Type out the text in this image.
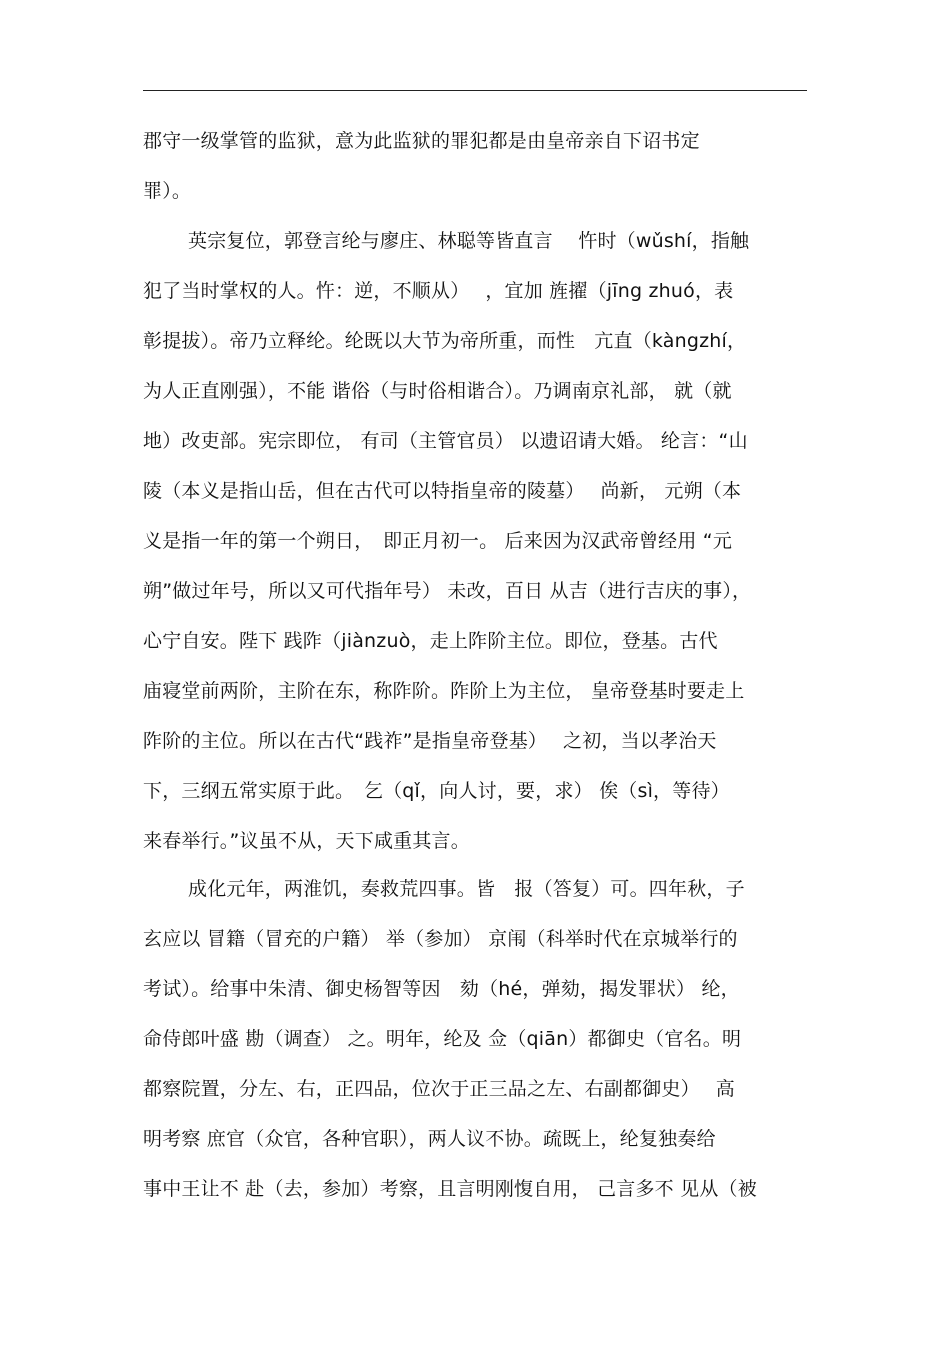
郡守一级掌管的监狱，意为此监狱的罪犯都是由皇帝亲自下诏书定
罪）。
英宗复位，郭登言纶与廖庄、林聪等皆直言　 忤时（wǔshí，指触
犯了当时掌权的人。忤：逆，不顺从）　 ，宜加 旌擢（jīng zhuó，表
彰提拔）。帝乃立释纶。纶既以大节为帝所重，而性　亢直（kàngzhí，
为人正直刚强），不能 谐俗（与时俗相谐合）。乃调南京礼部， 就（就
地）改吏部。宪宗即位， 有司（主管官员） 以遗诏请大婚。 纶言：“山
陵（本义是指山岳，但在古代可以特指皇帝的陵墓）　 尚新， 元朔（本
义是指一年的第一个朔日，　即正月初一。 后来因为汉武帝曾经用 “元
朔”做过年号，所以又可代指年号） 未改，百日 从吉（进行吉庆的事），
心宁自安。陛下 践阼（jiànzuò，走上阼阶主位。即位，登基。古代
庙寝堂前两阶，主阶在东，称阼阶。阼阶上为主位， 皇帝登基时要走上
阼阶的主位。所以在古代“践祚”是指皇帝登基）　 之初，当以孝治天
下，三纲五常实原于此。　乞（qǐ，向人讨，要，求） 俟（sì，等待）
来春举行。”议虽不从，天下咸重其言。
成化元年，两淮饥，奏救荒四事。皆　报（答复）可。四年秋，子
玄应以 冒籍（冒充的户籍） 举（参加） 京闱（科举时代在京城举行的
考试）。给事中朱清、御史杨智等因　劾（hé，弹劾，揭发罪状） 纶，
命侍郎叶盛 勘（调查） 之。明年，纶及 佥（qiān）都御史（官名。明
都察院置，分左、右，正四品，位次于正三品之左、右副都御史）　 高
明考察 庶官（众官，各种官职），两人议不协。疏既上，纶复独奏给
事中王让不 赴（去，参加）考察，且言明刚愎自用， 己言多不 见从（被
